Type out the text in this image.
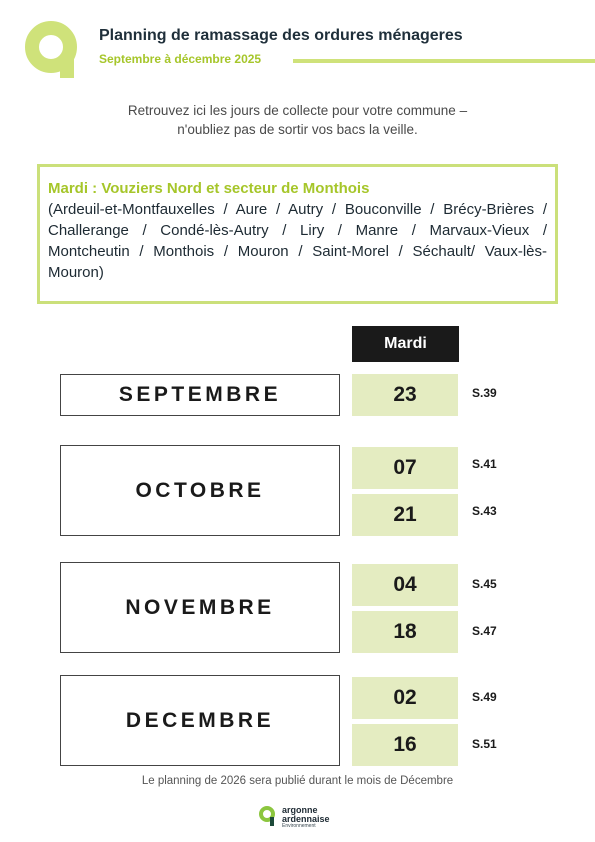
Planning de ramassage des ordures ménageres
Septembre à décembre 2025
Retrouvez ici les jours de collecte pour votre commune –
n'oubliez pas de sortir vos bacs la veille.
Mardi : Vouziers Nord et secteur de Monthois
(Ardeuil-et-Montfauxelles / Aure / Autry / Bouconville / Brécy-Brières / Challerange / Condé-lès-Autry / Liry / Manre / Marvaux-Vieux / Montcheutin / Monthois / Mouron / Saint-Morel / Séchault/ Vaux-lès-Mouron)
Mardi
SEPTEMBRE	23	S.39
OCTOBRE
07	S.41
21	S.43
NOVEMBRE
04	S.45
18	S.47
DECEMBRE
02	S.49
16	S.51
Le planning de 2026 sera publié durant le mois de Décembre
argonne
ardennaise
Environnement
